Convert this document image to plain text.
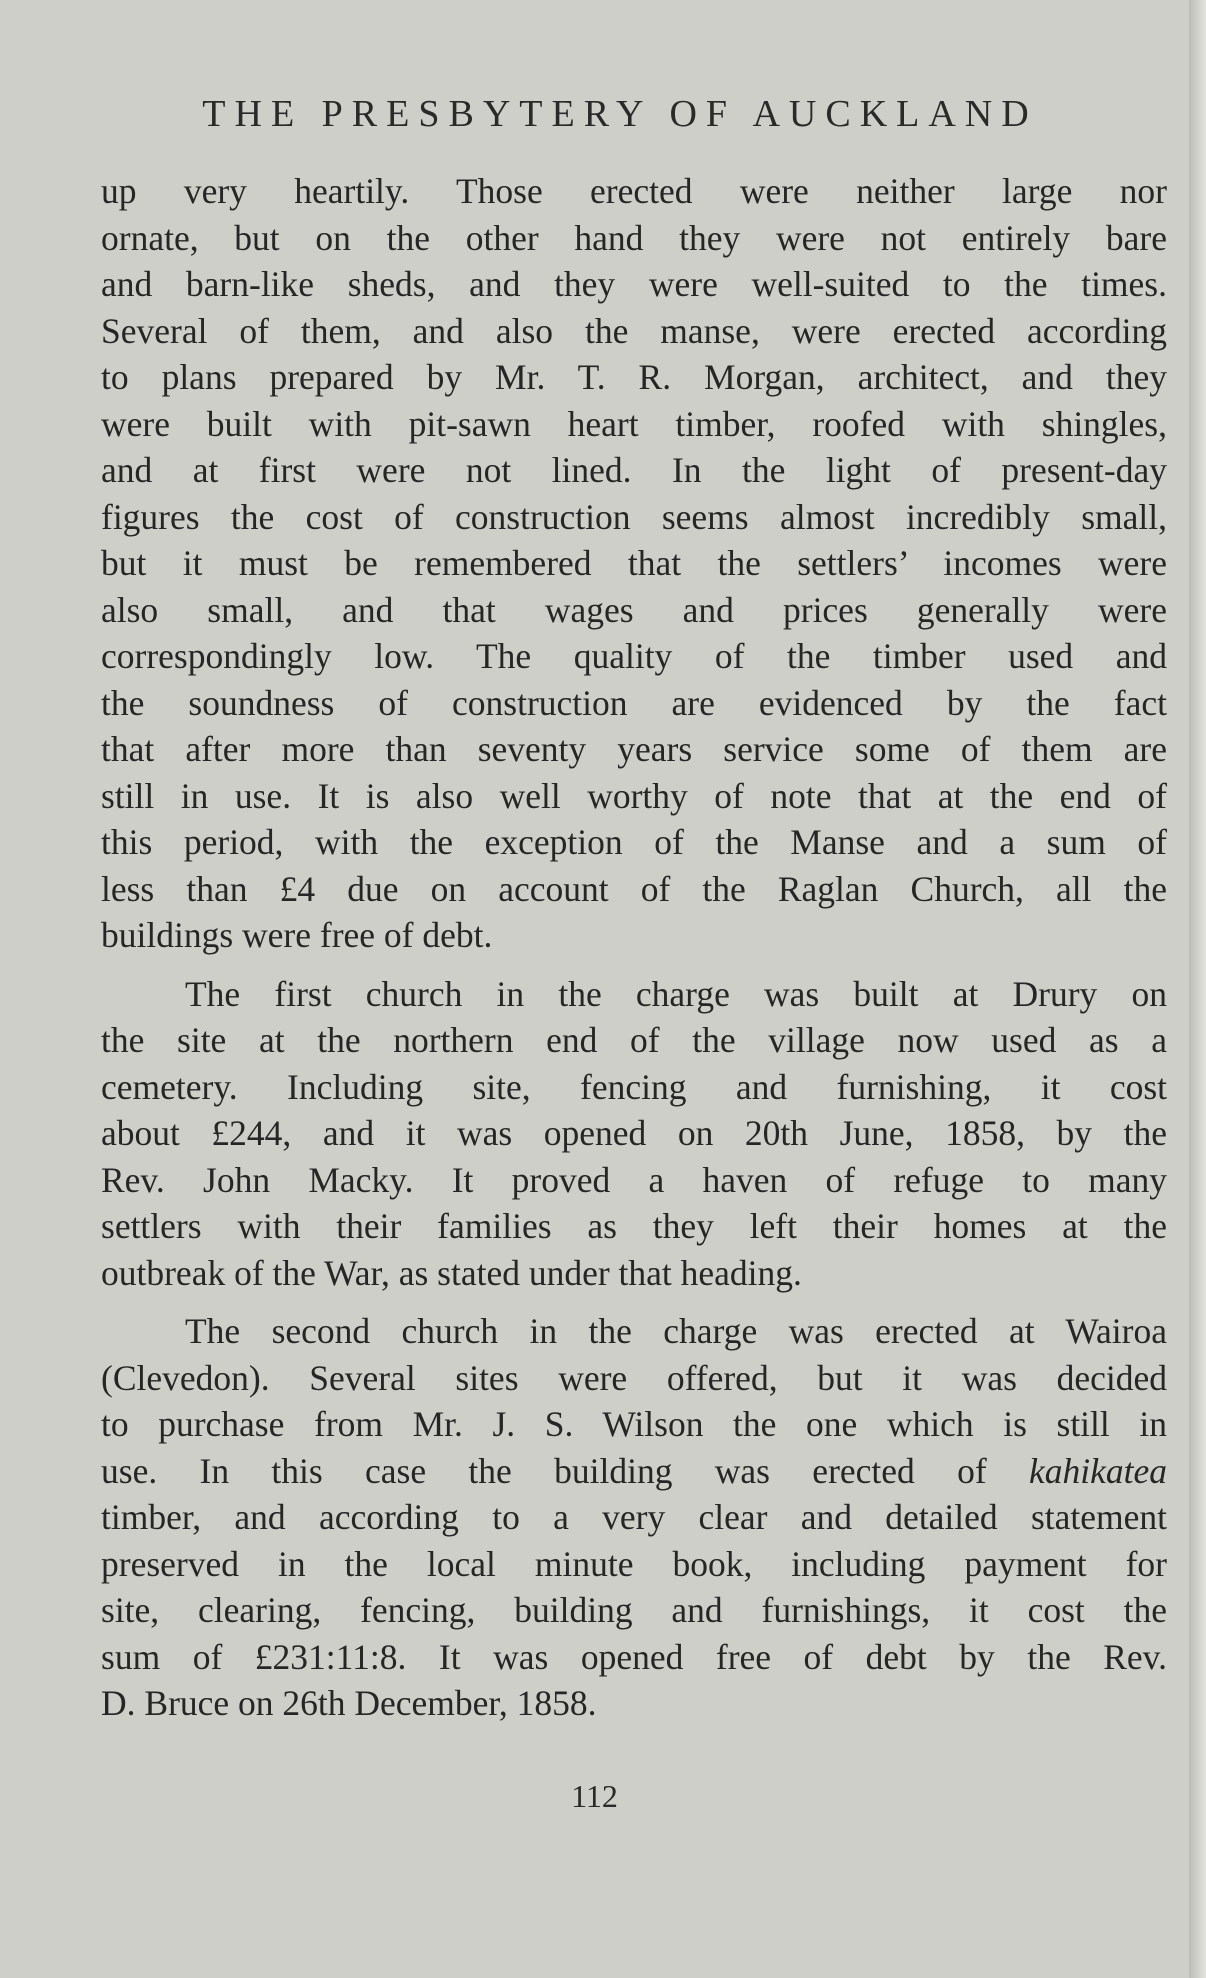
THE PRESBYTERY OF AUCKLAND

up very heartily. Those erected were neither large nor
ornate, but on the other hand they were not entirely bare
and barn-like sheds, and they were well-suited to the times.
Several of them, and also the manse, were erected according
to plans prepared by Mr. T. R. Morgan, architect, and they
were built with pit-sawn heart timber, roofed with shingles,
and at first were not lined. In the light of present-day
figures the cost of construction seems almost incredibly small,
but it must be remembered that the settlers’ incomes were
also small, and that wages and prices generally were
correspondingly low. The quality of the timber used and
the soundness of construction are evidenced by the fact
that after more than seventy years service some of them are
still in use. It is also well worthy of note that at the end of
this period, with the exception of the Manse and a sum of
less than £4 due on account of the Raglan Church, all the
buildings were free of debt.

The first church in the charge was built at Drury on
the site at the northern end of the village now used as a
cemetery. Including site, fencing and furnishing, it cost
about £244, and it was opened on 20th June, 1858, by the
Rev. John Macky. It proved a haven of refuge to many
settlers with their families as they left their homes at the
outbreak of the War, as stated under that heading.

The second church in the charge was erected at Wairoa
(Clevedon). Several sites were offered, but it was decided
to purchase from Mr. J. S. Wilson the one which is still in
use. In this case the building was erected of kahikatea
timber, and according to a very clear and detailed statement
preserved in the local minute book, including payment for
site, clearing, fencing, building and furnishings, it cost the
sum of £231:11:8. It was opened free of debt by the Rev.
D. Bruce on 26th December, 1858.

112
